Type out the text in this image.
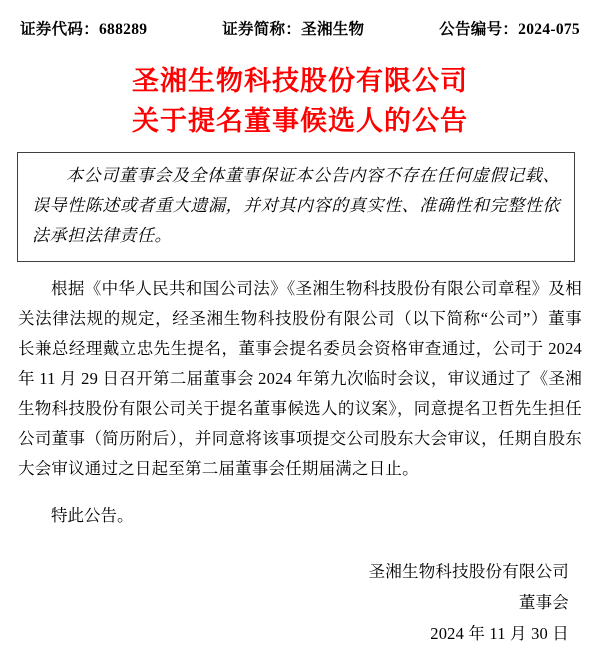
证券代码：688289	证券简称：圣湘生物	公告编号：2024-075
圣湘生物科技股份有限公司
关于提名董事候选人的公告
本公司董事会及全体董事保证本公告内容不存在任何虚假记载、误导性陈述或者重大遗漏，并对其内容的真实性、准确性和完整性依法承担法律责任。

根据《中华人民共和国公司法》《圣湘生物科技股份有限公司章程》及相关法律法规的规定，经圣湘生物科技股份有限公司（以下简称“公司”）董事长兼总经理戴立忠先生提名，董事会提名委员会资格审查通过，公司于 2024 年 11 月 29 日召开第二届董事会 2024 年第九次临时会议，审议通过了《圣湘生物科技股份有限公司关于提名董事候选人的议案》，同意提名卫哲先生担任公司董事（简历附后），并同意将该事项提交公司股东大会审议，任期自股东大会审议通过之日起至第二届董事会任期届满之日止。

特此公告。

圣湘生物科技股份有限公司
董事会
2024 年 11 月 30 日
